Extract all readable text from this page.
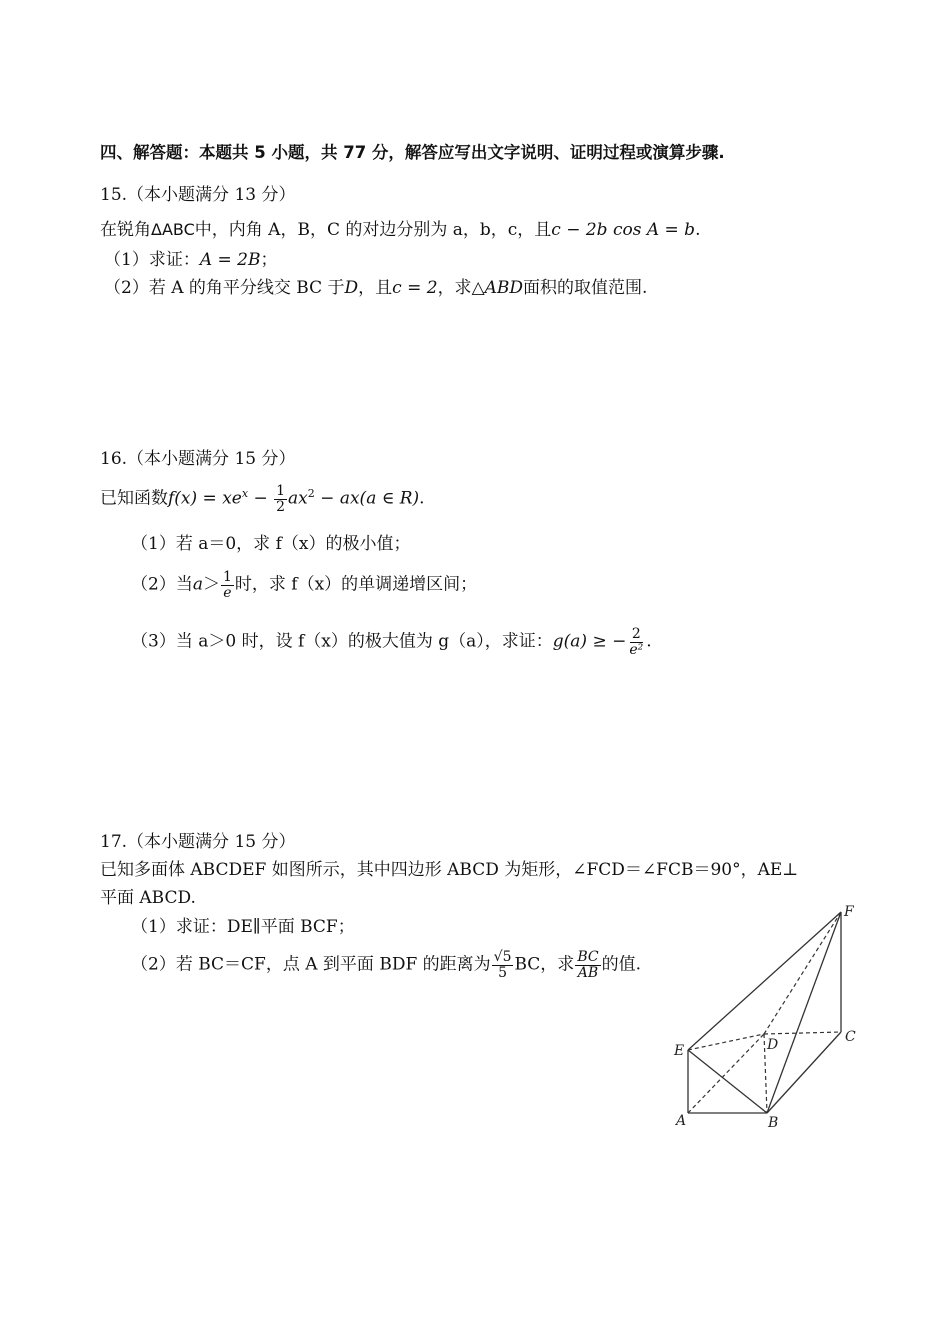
四、解答题：本题共 5 小题，共 77 分，解答应写出文字说明、证明过程或演算步骤.
15.（本小题满分 13 分）
在锐角ΔABC中，内角 A，B，C 的对边分别为 a，b，c，且c − 2b cos A = b.
（1）求证：A = 2B；
（2）若 A 的角平分线交 BC 于D，且c = 2，求△ABD面积的取值范围.
16.（本小题满分 15 分）
已知函数$f(x) = xe^x - \frac{1}{2} ax^2 - ax(a$ ∈ R).
（1）若 a＝0，求 f（x）的极小值；
（2）当$a> \frac{1}{e}$ 时，求 f（x）的单调递增区间；
（3）当 a＞0 时，设 f（x）的极大值为 g（a），求证：g(a) ≥ − $\frac{2}{\text{e²}}$ .
17.（本小题满分 15 分）
已知多面体 ABCDEF 如图所示，其中四边形 ABCD 为矩形，∠FCD＝∠FCB＝90°，AE⊥
平面 ABCD.
（1）求证：DE∥平面 BCF；
（2）若 BC＝CF，点 A 到平面 BDF 的距离为 $\frac{√5}{5}$ BC，求 $\frac{BC}{AB}$ 的值.
F
E	D	C
A	B
